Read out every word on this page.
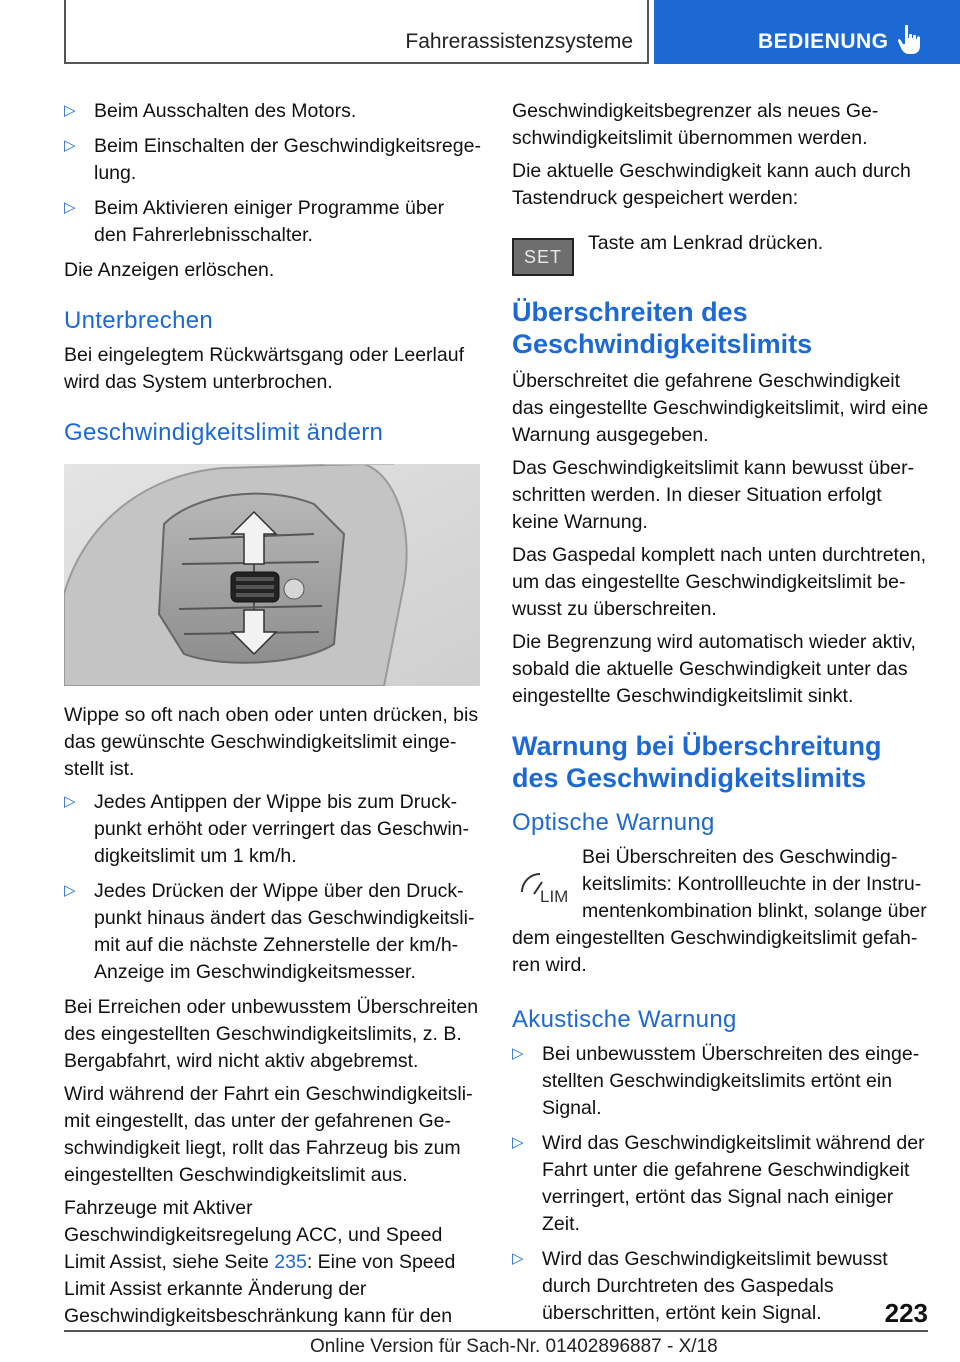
Fahrerassistenzsysteme	BEDIENUNG
▷ Beim Ausschalten des Motors.
▷ Beim Einschalten der Geschwindigkeitsregelung.
▷ Beim Aktivieren einiger Programme über den Fahrerlebnisschalter.

Die Anzeigen erlöschen.

Unterbrechen

Bei eingelegtem Rückwärtsgang oder Leerlauf wird das System unterbrochen.

Geschwindigkeitslimit ändern

Wippe so oft nach oben oder unten drücken, bis das gewünschte Geschwindigkeitslimit eingestellt ist.

▷ Jedes Antippen der Wippe bis zum Druckpunkt erhöht oder verringert das Geschwindigkeitslimit um 1 km/h.
▷ Jedes Drücken der Wippe über den Druckpunkt hinaus ändert das Geschwindigkeitslimit auf die nächste Zehnerstelle der km/h-Anzeige im Geschwindigkeitsmesser.

Bei Erreichen oder unbewusstem Überschreiten des eingestellten Geschwindigkeitslimits, z. B. Bergabfahrt, wird nicht aktiv abgebremst.

Wird während der Fahrt ein Geschwindigkeitslimit eingestellt, das unter der gefahrenen Geschwindigkeit liegt, rollt das Fahrzeug bis zum eingestellten Geschwindigkeitslimit aus.

Fahrzeuge mit Aktiver Geschwindigkeitsregelung ACC, und Speed Limit Assist, siehe Seite 235: Eine von Speed Limit Assist erkannte Änderung der Geschwindigkeitsbeschränkung kann für den

Geschwindigkeitsbegrenzer als neues Geschwindigkeitslimit übernommen werden.

Die aktuelle Geschwindigkeit kann auch durch Tastendruck gespeichert werden:

SET

Taste am Lenkrad drücken.

Überschreiten des Geschwindigkeitslimits

Überschreitet die gefahrene Geschwindigkeit das eingestellte Geschwindigkeitslimit, wird eine Warnung ausgegeben.

Das Geschwindigkeitslimit kann bewusst überschritten werden. In dieser Situation erfolgt keine Warnung.

Das Gaspedal komplett nach unten durchtreten, um das eingestellte Geschwindigkeitslimit bewusst zu überschreiten.

Die Begrenzung wird automatisch wieder aktiv, sobald die aktuelle Geschwindigkeit unter das eingestellte Geschwindigkeitslimit sinkt.

Warnung bei Überschreitung des Geschwindigkeitslimits
Optische Warnung
LIM

Bei Überschreiten des Geschwindigkeitslimits: Kontrollleuchte in der Instrumentenkombination blinkt, solange über dem eingestellten Geschwindigkeitslimit gefahren wird.

Akustische Warnung
▷ Bei unbewusstem Überschreiten des eingestellten Geschwindigkeitslimits ertönt ein Signal.
▷ Wird das Geschwindigkeitslimit während der Fahrt unter die gefahrene Geschwindigkeit verringert, ertönt das Signal nach einiger Zeit.
▷ Wird das Geschwindigkeitslimit bewusst durch Durchtreten des Gaspedals überschritten, ertönt kein Signal.	223
Online Version für Sach-Nr. 01402896887 - X/18
